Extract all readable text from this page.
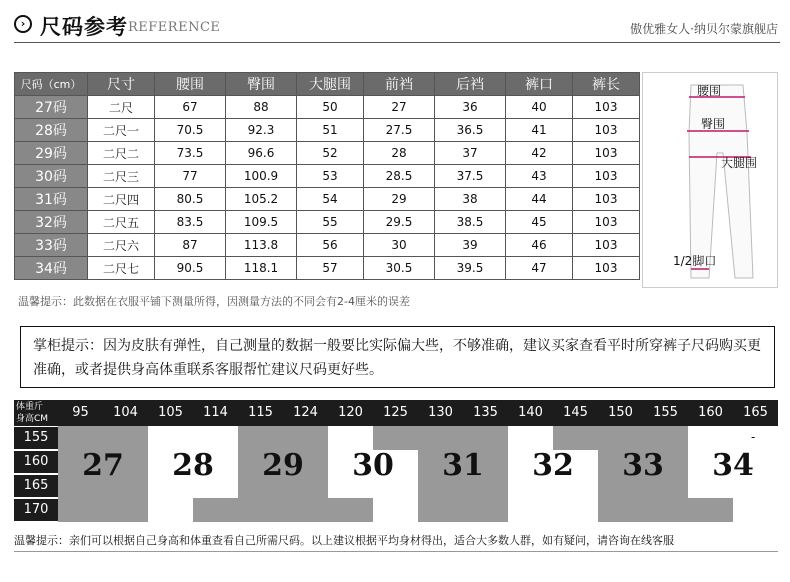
› 尺码参考 REFERENCE	傲优雅女人·纳贝尔蒙旗舰店
尺码（cm）	尺寸	腰围	臀围	大腿围	前裆	后裆	裤口	裤长
27码	二尺	67	88	50	27	36	40	103
28码	二尺一	70.5	92.3	51	27.5	36.5	41	103
29码	二尺二	73.5	96.6	52	28	37	42	103
30码	二尺三	77	100.9	53	28.5	37.5	43	103
31码	二尺四	80.5	105.2	54	29	38	44	103
32码	二尺五	83.5	109.5	55	29.5	38.5	45	103
33码	二尺六	87	113.8	56	30	39	46	103
34码	二尺七	90.5	118.1	57	30.5	39.5	47	103
温馨提示：此数据在衣服平铺下测量所得，因测量方法的不同会有2-4厘米的误差
腰围
臀围
大腿围
1/2脚口
掌柜提示：因为皮肤有弹性，自己测量的数据一般要比实际偏大些，不够准确，建议买家查看平时所穿裤子尺码购买更准确，或者提供身高体重联系客服帮忙建议尺码更好些。
95	104	105	114	115	124	120	125	130	135	140	145	150	155	160	165
体重斤
身高CM
155
160
165
170
27	28	29	30	31	32	33	34
-
温馨提示：亲们可以根据自己身高和体重查看自己所需尺码。以上建议根据平均身材得出，适合大多数人群，如有疑问，请咨询在线客服
